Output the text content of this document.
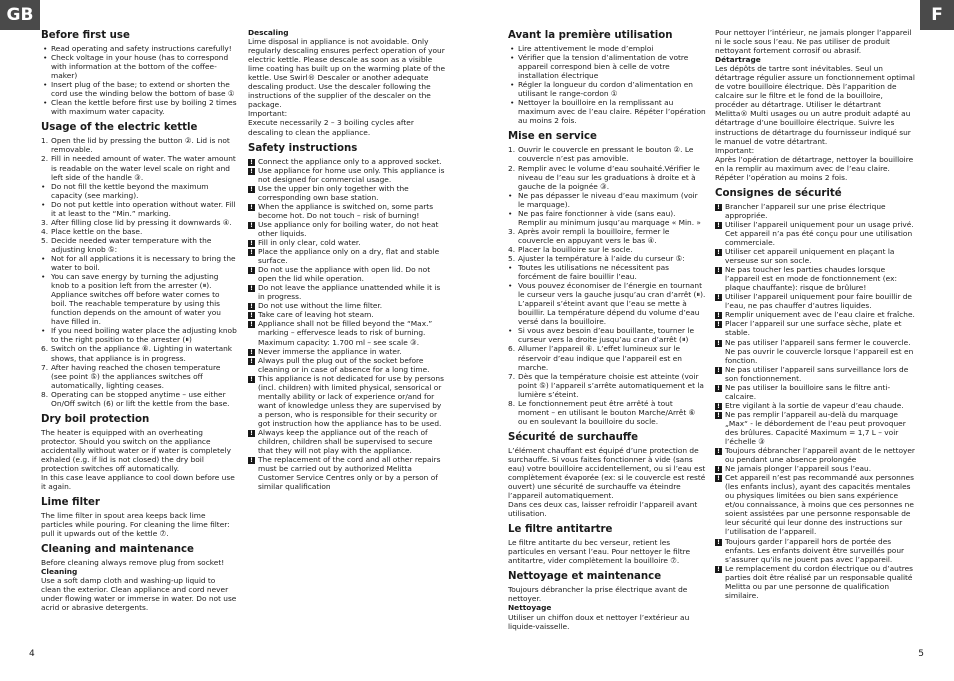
GB	F
Before first use
• Read operating and safety instructions carefully!
• Check voltage in your house (has to correspond with information at the bottom of the coffee-maker)
• Insert plug of the base; to extend or shorten the cord use the winding below the bottom of base ①
• Clean the kettle before first use by boiling 2 times with maximum water capacity.
Usage of the electric kettle
1. Open the lid by pressing the button ②. Lid is not removable.
2. Fill in needed amount of water. The water amount is readable on the water level scale on right and left side of the handle ③.
• Do not fill the kettle beyond the maximum capacity (see marking).
• Do not put kettle into operation without water. Fill it at least to the “Min.” marking.
3. After filling close lid by pressing it downwards ④.
4. Place kettle on the base.
5. Decide needed water temperature with the adjusting knob ⑤:
• Not for all applications it is necessary to bring the water to boil.
• You can save energy by turning the adjusting knob to a position left from the arrester (⏸). Appliance switches off before water comes to boil. The reachable temperature by using this function depends on the amount of water you have filled in.
• If you need boiling water place the adjusting knob to the right position to the arrester (⏸)
6. Switch on the appliance ⑥. Lighting in watertank shows, that appliance is in progress.
7. After having reached the chosen temperature (see point ⑤) the appliances switches off automatically, lighting ceases.
8. Operating can be stopped anytime – use either On/Off switch (6) or lift the kettle from the base.
Dry boil protection

The heater is equipped with an overheating protector. Should you switch on the appliance accidentally without water or if water is completely exhaled (e.g. if lid is not closed) the dry boil protection switches off automatically.

In this case leave appliance to cool down before use it again.

Lime filter

The lime filter in spout area keeps back lime particles while pouring. For cleaning the lime filter: pull it upwards out of the kettle ⑦.

Cleaning and maintenance

Before cleaning always remove plug from socket!

Cleaning

Use a soft damp cloth and washing-up liquid to clean the exterior. Clean appliance and cord never under flowing water or immerse in water. Do not use acrid or abrasive detergents.

Descaling

Lime disposal in appliance is not avoidable. Only regularly descaling ensures perfect operation of your electric kettle. Please descale as soon as a visible lime coating has built up on the warming plate of the kettle. Use Swirl® Descaler or another adequate descaling product. Use the descaler following the instructions of the supplier of the descaler on the package.

Important:

Execute necessarily 2 – 3 boiling cycles after descaling to clean the appliance.

Safety instructions
! Connect the appliance only to a approved socket.
! Use appliance for home use only. This appliance is not designed for commercial usage.
! Use the upper bin only together with the corresponding own base station.
! When the appliance is switched on, some parts become hot. Do not touch – risk of burning!
! Use appliance only for boiling water, do not heat other liquids.
! Fill in only clear, cold water.
! Place the appliance only on a dry, flat and stable surface.
! Do not use the appliance with open lid. Do not open the lid while operation.
! Do not leave the appliance unattended while it is in progress.
! Do not use without the lime filter.
! Take care of leaving hot steam.
! Appliance shall not be filled beyond the “Max.” marking – effervesce leads to risk of burning. Maximum capacity: 1.700 ml – see scale ③.
! Never immerse the appliance in water.
! Always pull the plug out of the socket before cleaning or in case of absence for a long time.
! This appliance is not dedicated for use by persons (incl. children) with limited physical, sensorical or mentally ability or lack of experience or/and for want of knowledge unless they are supervised by a person, who is responsible for their security or got instruction how the appliance has to be used.
! Always keep the appliance out of the reach of children, children shall be supervised to secure that they will not play with the appliance.
! The replacement of the cord and all other repairs must be carried out by authorized Melitta Customer Service Centres only or by a person of similar qualification
Avant la première utilisation
• Lire attentivement le mode d’emploi
• Vérifier que la tension d’alimentation de votre appareil correspond bien à celle de votre installation électrique
• Régler la longueur du cordon d’alimentation en utilisant le range-cordon ①
• Nettoyer la bouilloire en la remplissant au maximum avec de l’eau claire. Répéter l’opération au moins 2 fois.
Mise en service
1. Ouvrir le couvercle en pressant le bouton ②. Le couvercle n’est pas amovible.
2. Remplir avec le volume d’eau souhaité.Vérifier le niveau de l’eau sur les graduations à droite et à gauche de la poignée ③.
• Ne pas dépasser le niveau d’eau maximum (voir le marquage).
• Ne pas faire fonctionner à vide (sans eau). Remplir au minimum jusqu’au marquage « Min. »
3. Après avoir rempli la bouilloire, fermer le couvercle en appuyant vers le bas ④.
4. Placer la bouilloire sur le socle.
5. Ajuster la température à l’aide du curseur ⑤:
• Toutes les utilisations ne nécessitent pas forcément de faire bouillir l’eau.
• Vous pouvez économiser de l’énergie en tournant le curseur vers la gauche jusqu’au cran d’arrêt (⏸). L’appareil s’éteint avant que l’eau se mette à bouillir. La température dépend du volume d’eau versé dans la bouilloire.
• Si vous avez besoin d’eau bouillante, tourner le curseur vers la droite jusqu’au cran d’arrêt (⏸)
6. Allumer l’appareil ⑥. L’effet lumineux sur le réservoir d’eau indique que l’appareil est en marche.
7. Dès que la température choisie est atteinte (voir point ⑤) l’appareil s’arrête automatiquement et la lumière s’éteint.
8. Le fonctionnement peut être arrêté à tout moment – en utilisant le bouton Marche/Arrêt ⑥ ou en soulevant la bouilloire du socle.
Sécurité de surchauffe

L’élément chauffant est équipé d’une protection de surchauffe. Si vous faites fonctionner à vide (sans eau) votre bouilloire accidentellement, ou si l’eau est complètement évaporée (ex: si le couvercle est resté ouvert) une sécurité de surchauffe va éteindre l’appareil automatiquement.

Dans ces deux cas, laisser refroidir l’appareil avant utilisation.

Le filtre antitartre

Le filtre antitarte du bec verseur, retient les particules en versant l’eau. Pour nettoyer le filtre antitartre, vider complètement la bouilloire ⑦.

Nettoyage et maintenance

Toujours débrancher la prise électrique avant de nettoyer.

Nettoyage

Utiliser un chiffon doux et nettoyer l’extérieur au liquide-vaisselle.

Pour nettoyer l’intérieur, ne jamais plonger l’appareil ni le socle sous l’eau. Ne pas utiliser de produit nettoyant fortement corrosif ou abrasif.

Détartrage

Les dépôts de tartre sont inévitables. Seul un détartrage régulier assure un fonctionnement optimal de votre bouilloire électrique. Dès l’apparition de calcaire sur le filtre et le fond de la bouilloire, procéder au détartrage. Utiliser le détartrant Melitta® Multi usages ou un autre produit adapté au détartrage d’une bouilloire électrique. Suivre les instructions de détartrage du fournisseur indiqué sur le manuel de votre détartrant.

Important:

Après l’opération de détartrage, nettoyer la bouilloire en la remplir au maximum avec de l’eau claire. Répéter l’opération au moins 2 fois.

Consignes de sécurité
! Brancher l’appareil sur une prise électrique appropriée.
! Utiliser l’appareil uniquement pour un usage privé. Cet appareil n’a pas été conçu pour une utilisation commerciale.
! Utiliser cet appareil uniquement en plaçant la verseuse sur son socle.
! Ne pas toucher les parties chaudes lorsque l’appareil est en mode de fonctionnement (ex: plaque chauffante): risque de brûlure!
! Utiliser l’appareil uniquement pour faire bouillir de l’eau, ne pas chauffer d’autres liquides.
! Remplir uniquement avec de l’eau claire et fraîche.
! Placer l’appareil sur une surface sèche, plate et stable.
! Ne pas utiliser l’appareil sans fermer le couvercle. Ne pas ouvrir le couvercle lorsque l’appareil est en fonction.
! Ne pas utiliser l’appareil sans surveillance lors de son fonctionnement.
! Ne pas utiliser la bouilloire sans le filtre anti-calcaire.
! Etre vigilant à la sortie de vapeur d’eau chaude.
! Ne pas remplir l’appareil au-delà du marquage „Max“ - le débordement de l’eau peut provoquer des brûlures. Capacité Maximum = 1,7 L – voir l’échelle ③
! Toujours débrancher l’appareil avant de le nettoyer ou pendant une absence prolongée
! Ne jamais plonger l’appareil sous l’eau.
! Cet appareil n’est pas recommandé aux personnes (les enfants inclus), ayant des capacités mentales ou physiques limitées ou bien sans expérience et/ou connaissance, à moins que ces personnes ne soient assistées par une personne responsable de leur sécurité qui leur donne des instructions sur l’utilisation de l’appareil.
! Toujours garder l’appareil hors de portée des enfants. Les enfants doivent être surveillés pour s’assurer qu’ils ne jouent pas avec l’appareil.
! Le remplacement du cordon électrique ou d’autres parties doit être réalisé par un responsable qualité Melitta ou par une personne de qualification similaire.
4	5
